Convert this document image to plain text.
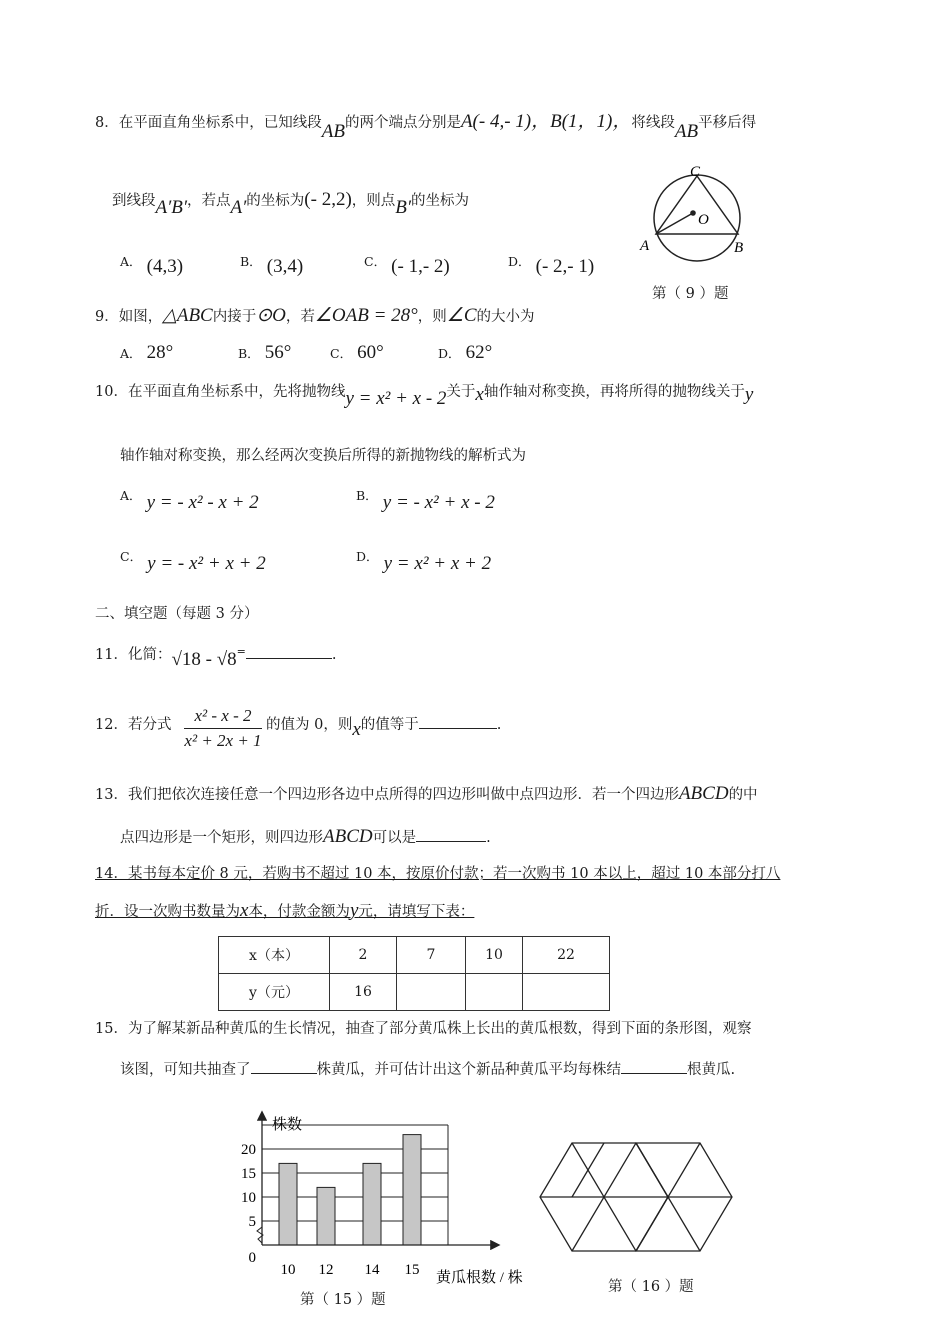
8．在平面直角坐标系中，已知线段AB的两个端点分别是A(- 4,- 1)，B(1，1)，将线段AB平移后得
到线段A′B′，若点A′的坐标为(- 2,2)，则点B′的坐标为
A． (4,3)	B． (3,4)	C． (- 1,- 2)	D． (- 2,- 1)
C
O
A	B
第（ 9 ）题
9．如图，△ABC内接于⊙O，若∠OAB = 28°，则∠C的大小为
A． 28°	B． 56°	C． 60°	D． 62°
10．在平面直角坐标系中，先将抛物线y = x² + x - 2关于x轴作轴对称变换，再将所得的抛物线关于y
轴作轴对称变换，那么经两次变换后所得的新抛物线的解析式为
A． y = - x² - x + 2	B． y = - x² + x - 2
C． y = - x² + x + 2	D． y = x² + x + 2
二、填空题（每题 3 分）
11．化简：√18 - √8=	.
12．若分式	x² - x - 2
x² + 2x + 1
的值为 0，则x的值等于	.
13．我们把依次连接任意一个四边形各边中点所得的四边形叫做中点四边形．若一个四边形ABCD的中
点四边形是一个矩形，则四边形ABCD可以是	.
14．某书每本定价 8 元，若购书不超过 10 本，按原价付款；若一次购书 10 本以上，超过 10 本部分打八
折．设一次购书数量为x本，付款金额为y元，请填写下表：
x（本）	2	7	10	22
y（元）	16			
15．为了解某新品种黄瓜的生长情况，抽查了部分黄瓜株上长出的黄瓜根数，得到下面的条形图，观察
该图，可知共抽查了	株黄瓜，并可估计出这个新品种黄瓜平均每株结	根黄瓜.
株数
0
5
10
15
20
10 12 14 15 黄瓜根数 / 株
第（ 15 ）题
第（ 16 ）题
